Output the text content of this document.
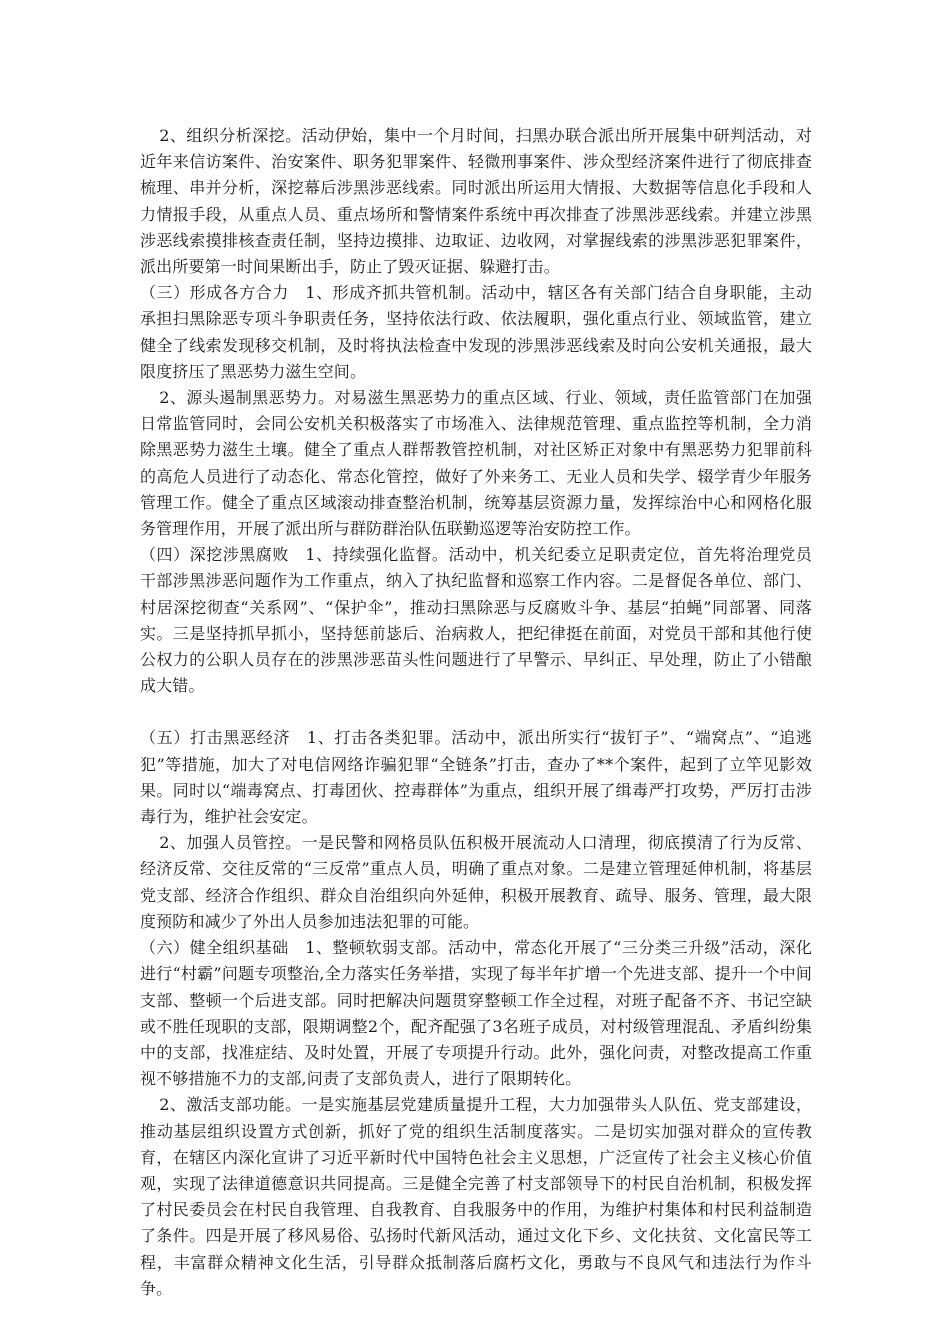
2、组织分析深挖。活动伊始，集中一个月时间，扫黑办联合派出所开展集中研判活动，对近年来信访案件、治安案件、职务犯罪案件、轻微刑事案件、涉众型经济案件进行了彻底排查梳理、串并分析，深挖幕后涉黑涉恶线索。同时派出所运用大情报、大数据等信息化手段和人力情报手段，从重点人员、重点场所和警情案件系统中再次排查了涉黑涉恶线索。并建立涉黑涉恶线索摸排核查责任制，坚持边摸排、边取证、边收网，对掌握线索的涉黑涉恶犯罪案件，派出所要第一时间果断出手，防止了毁灭证据、躲避打击。

（三）形成各方合力　1、形成齐抓共管机制。活动中，辖区各有关部门结合自身职能，主动承担扫黑除恶专项斗争职责任务，坚持依法行政、依法履职，强化重点行业、领域监管，建立健全了线索发现移交机制，及时将执法检查中发现的涉黑涉恶线索及时向公安机关通报，最大限度挤压了黑恶势力滋生空间。

2、源头遏制黑恶势力。对易滋生黑恶势力的重点区域、行业、领域，责任监管部门在加强日常监管同时，会同公安机关积极落实了市场准入、法律规范管理、重点监控等机制，全力消除黑恶势力滋生土壤。健全了重点人群帮教管控机制，对社区矫正对象中有黑恶势力犯罪前科的高危人员进行了动态化、常态化管控，做好了外来务工、无业人员和失学、辍学青少年服务管理工作。健全了重点区域滚动排查整治机制，统筹基层资源力量，发挥综治中心和网格化服务管理作用，开展了派出所与群防群治队伍联勤巡逻等治安防控工作。

（四）深挖涉黑腐败　1、持续强化监督。活动中，机关纪委立足职责定位，首先将治理党员干部涉黑涉恶问题作为工作重点，纳入了执纪监督和巡察工作内容。二是督促各单位、部门、村居深挖彻查“关系网”、“保护伞”，推动扫黑除恶与反腐败斗争、基层“拍蝇”同部署、同落实。三是坚持抓早抓小，坚持惩前毖后、治病救人，把纪律挺在前面，对党员干部和其他行使公权力的公职人员存在的涉黑涉恶苗头性问题进行了早警示、早纠正、早处理，防止了小错酿成大错。

（五）打击黑恶经济　1、打击各类犯罪。活动中，派出所实行“拔钉子”、“端窝点”、“追逃犯”等措施，加大了对电信网络诈骗犯罪“全链条”打击，查办了**个案件，起到了立竿见影效果。同时以“端毒窝点、打毒团伙、控毒群体”为重点，组织开展了缉毒严打攻势，严厉打击涉毒行为，维护社会安定。

2、加强人员管控。一是民警和网格员队伍积极开展流动人口清理，彻底摸清了行为反常、经济反常、交往反常的“三反常”重点人员，明确了重点对象。二是建立管理延伸机制，将基层党支部、经济合作组织、群众自治组织向外延伸，积极开展教育、疏导、服务、管理，最大限度预防和减少了外出人员参加违法犯罪的可能。

（六）健全组织基础　1、整顿软弱支部。活动中，常态化开展了“三分类三升级”活动，深化进行“村霸”问题专项整治,全力落实任务举措，实现了每半年扩增一个先进支部、提升一个中间支部、整顿一个后进支部。同时把解决问题贯穿整顿工作全过程，对班子配备不齐、书记空缺或不胜任现职的支部，限期调整2个，配齐配强了3名班子成员，对村级管理混乱、矛盾纠纷集中的支部，找准症结、及时处置，开展了专项提升行动。此外，强化问责，对整改提高工作重视不够措施不力的支部,问责了支部负责人，进行了限期转化。

2、激活支部功能。一是实施基层党建质量提升工程，大力加强带头人队伍、党支部建设，推动基层组织设置方式创新，抓好了党的组织生活制度落实。二是切实加强对群众的宣传教育，在辖区内深化宣讲了习近平新时代中国特色社会主义思想，广泛宣传了社会主义核心价值观，实现了法律道德意识共同提高。三是健全完善了村支部领导下的村民自治机制，积极发挥了村民委员会在村民自我管理、自我教育、自我服务中的作用，为维护村集体和村民利益制造了条件。四是开展了移风易俗、弘扬时代新风活动，通过文化下乡、文化扶贫、文化富民等工程，丰富群众精神文化生活，引导群众抵制落后腐朽文化，勇敢与不良风气和违法行为作斗争。
